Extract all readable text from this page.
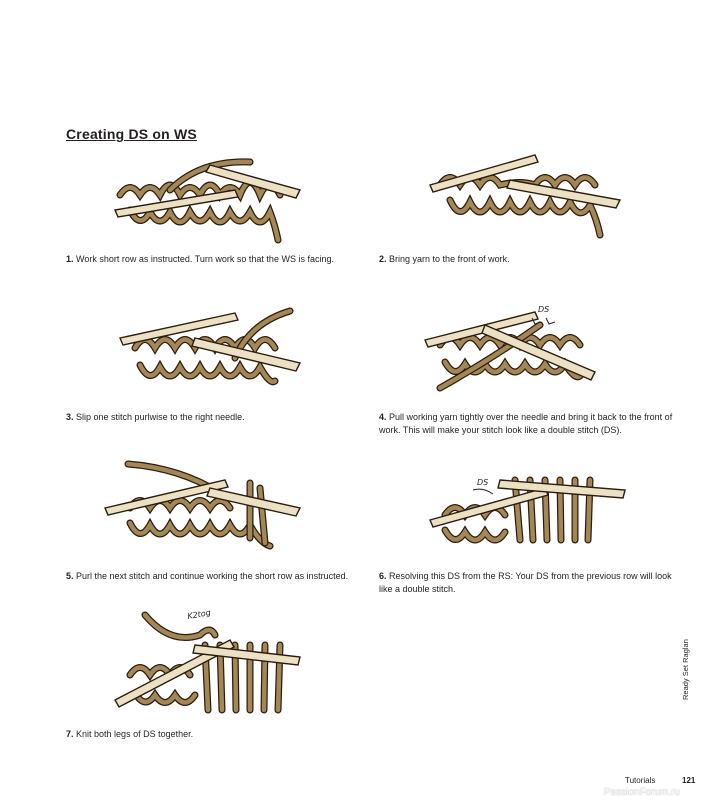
Creating DS on WS
DS
DS
K2tog
1. Work short row as instructed. Turn work so that the WS is facing.	2. Bring yarn to the front of work.
3. Slip one stitch purlwise to the right needle.	4. Pull working yarn tightly over the needle and bring it back to the front of work. This will make your stitch look like a double stitch (DS).
5. Purl the next stitch and continue working the short row as instructed.	6. Resolving this DS from the RS: Your DS from the previous row will look like a double stitch.
7. Knit both legs of DS together.
Ready Set Raglan
Tutorials	121
PassionForum.ru
